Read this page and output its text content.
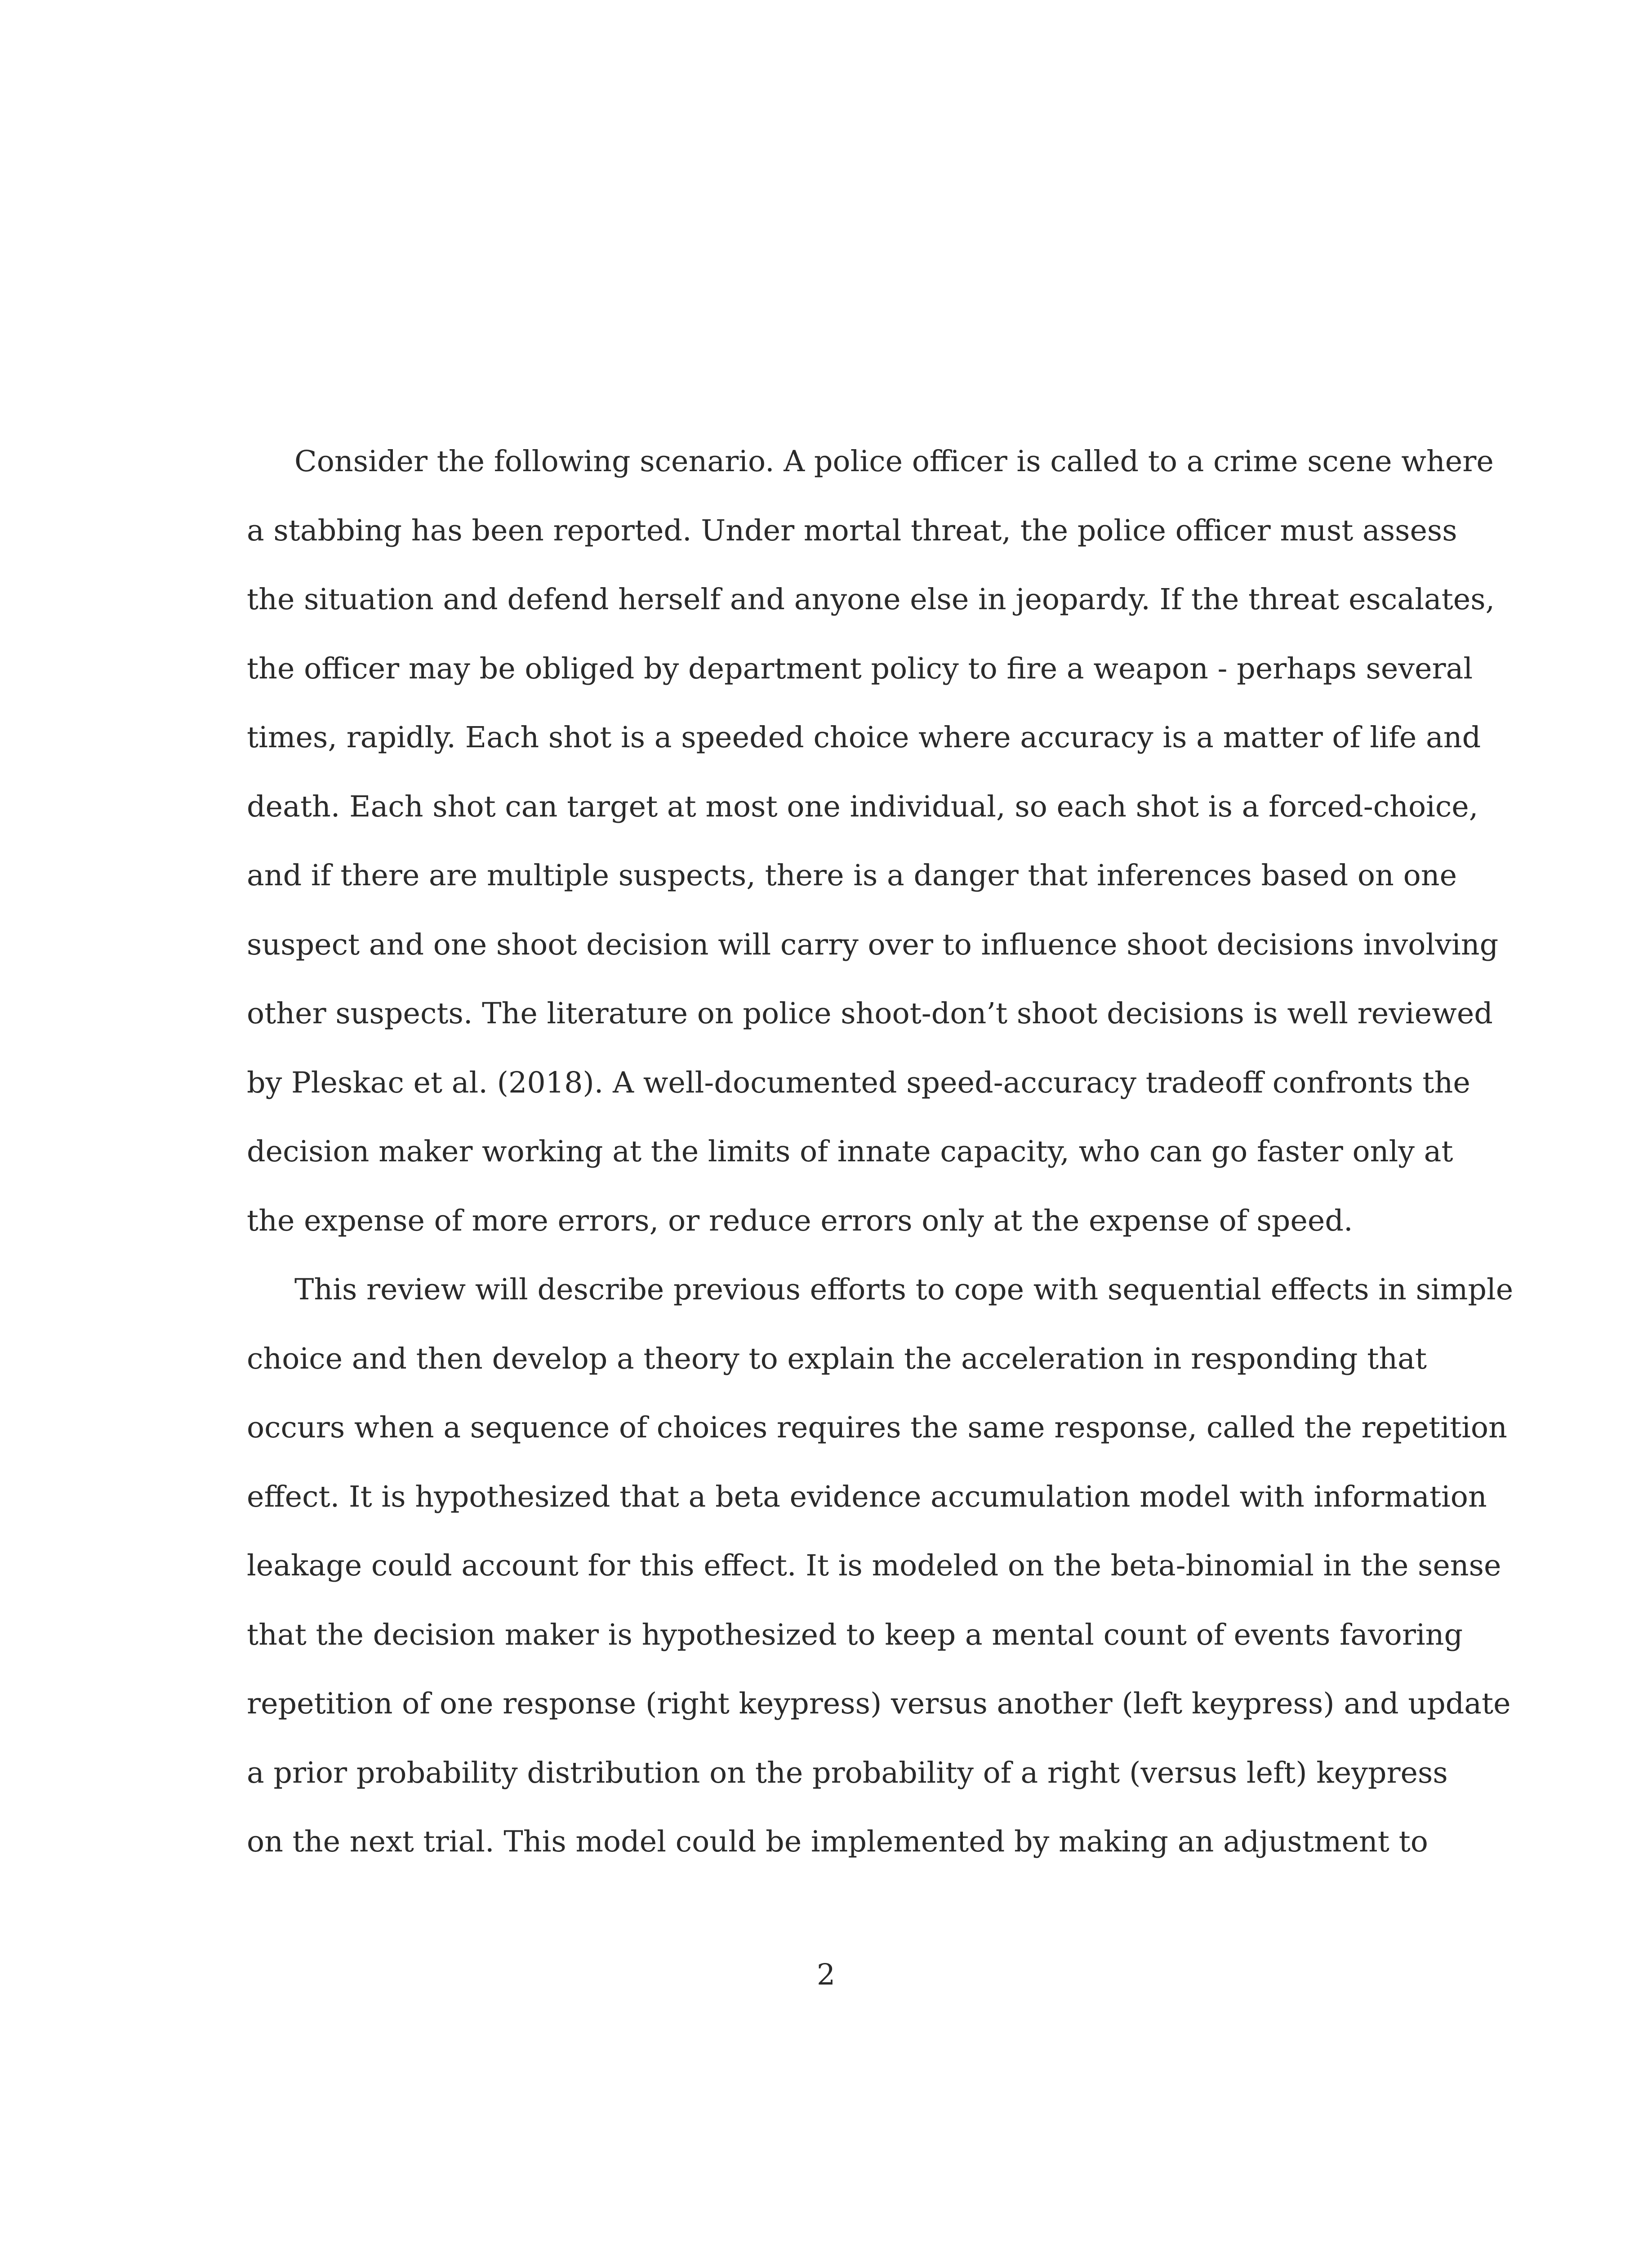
Consider the following scenario. A police officer is called to a crime scene where
a stabbing has been reported. Under mortal threat, the police officer must assess
the situation and defend herself and anyone else in jeopardy. If the threat escalates,
the officer may be obliged by department policy to fire a weapon - perhaps several
times, rapidly. Each shot is a speeded choice where accuracy is a matter of life and
death. Each shot can target at most one individual, so each shot is a forced-choice,
and if there are multiple suspects, there is a danger that inferences based on one
suspect and one shoot decision will carry over to influence shoot decisions involving
other suspects. The literature on police shoot-don’t shoot decisions is well reviewed
by Pleskac et al. (2018). A well-documented speed-accuracy tradeoff confronts the
decision maker working at the limits of innate capacity, who can go faster only at
the expense of more errors, or reduce errors only at the expense of speed.
This review will describe previous efforts to cope with sequential effects in simple
choice and then develop a theory to explain the acceleration in responding that
occurs when a sequence of choices requires the same response, called the repetition
effect. It is hypothesized that a beta evidence accumulation model with information
leakage could account for this effect. It is modeled on the beta-binomial in the sense
that the decision maker is hypothesized to keep a mental count of events favoring
repetition of one response (right keypress) versus another (left keypress) and update
a prior probability distribution on the probability of a right (versus left) keypress
on the next trial. This model could be implemented by making an adjustment to
2
